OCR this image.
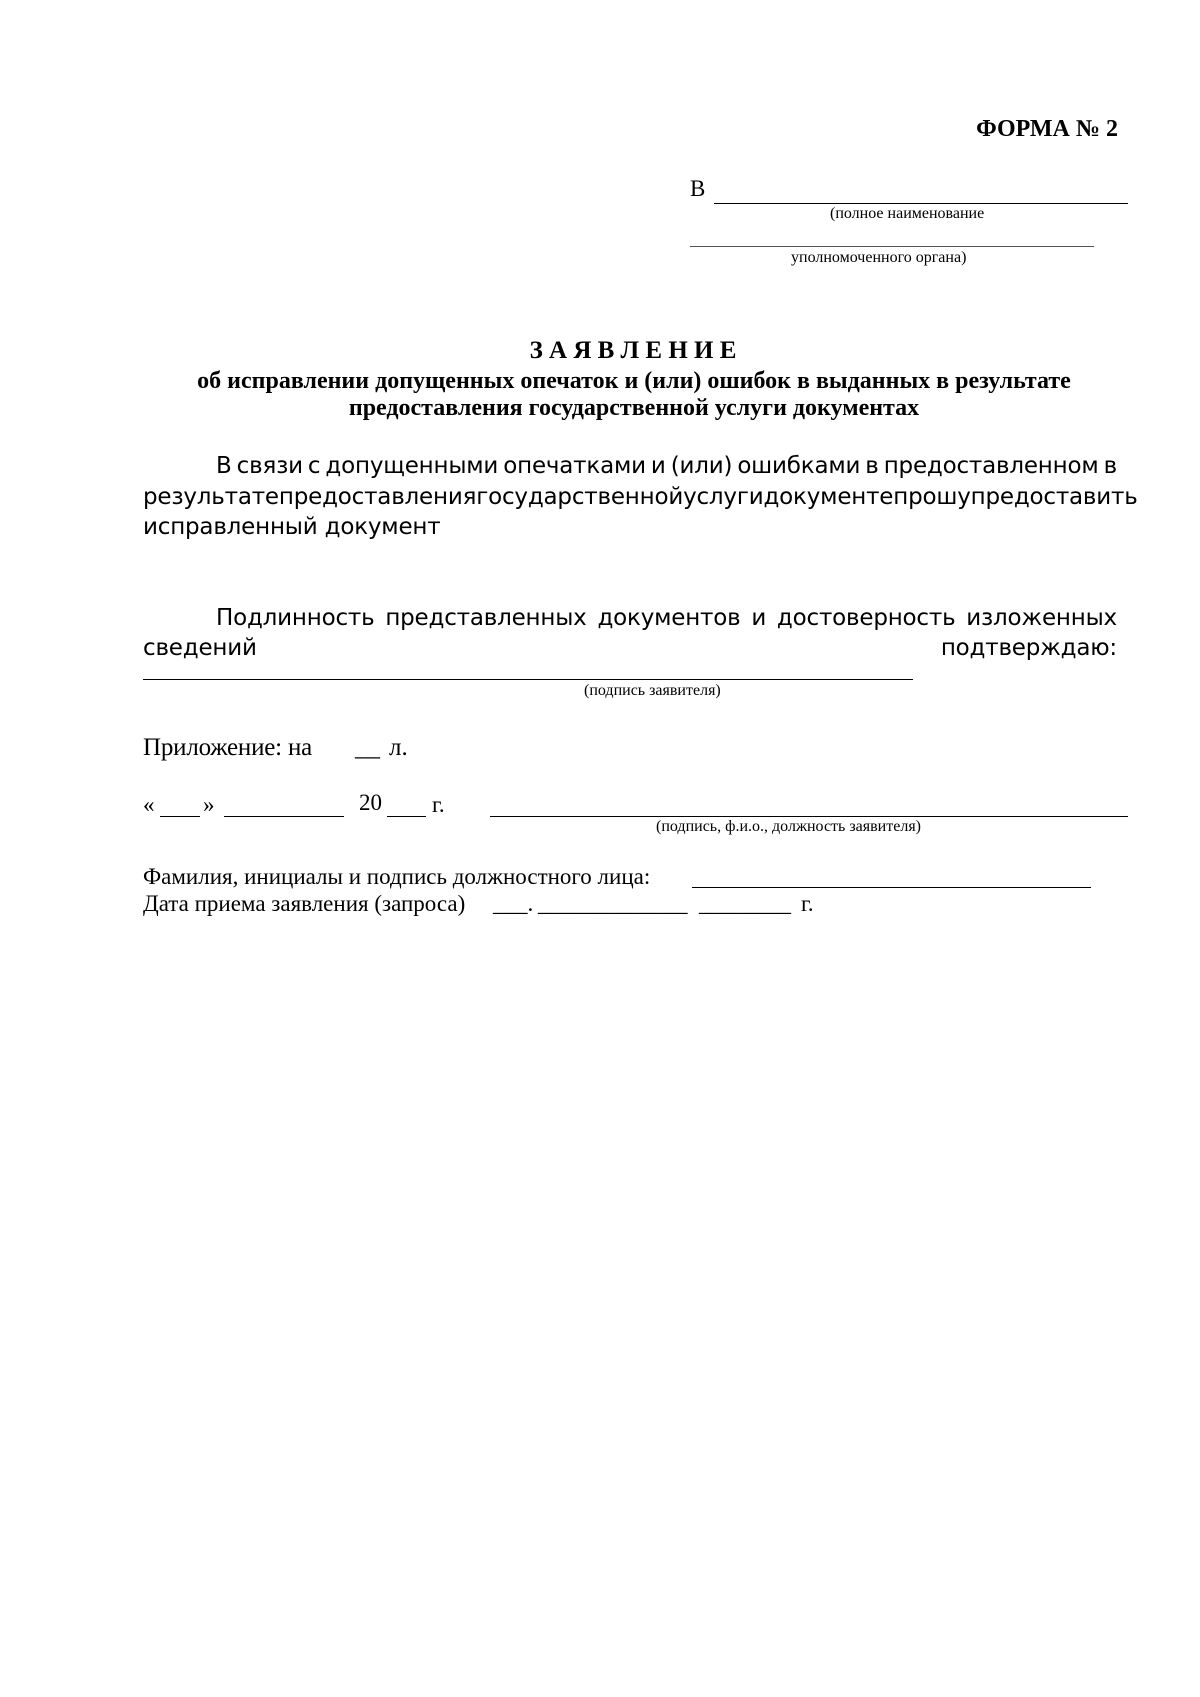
ФОРМА № 2
В
(полное наименование
уполномоченного органа)
З А Я В Л Е Н И Е
об исправлении допущенных опечаток и (или) ошибок в выданных в результате
предоставления государственной услуги документах
В связи с допущенными опечатками и (или) ошибками в предоставленном в
результате предоставления государственной услуги документе прошу предоставить
исправленный документ
Подлинность представленных документов и достоверность изложенных
сведений	подтверждаю:
(подпись заявителя)
Приложение: на __ л.
« »	20 г.
(подпись, ф.и.о., должность заявителя)
Фамилия, инициалы и подпись должностного лица:
Дата приема заявления (запроса) ___. _____________ ________ г.
